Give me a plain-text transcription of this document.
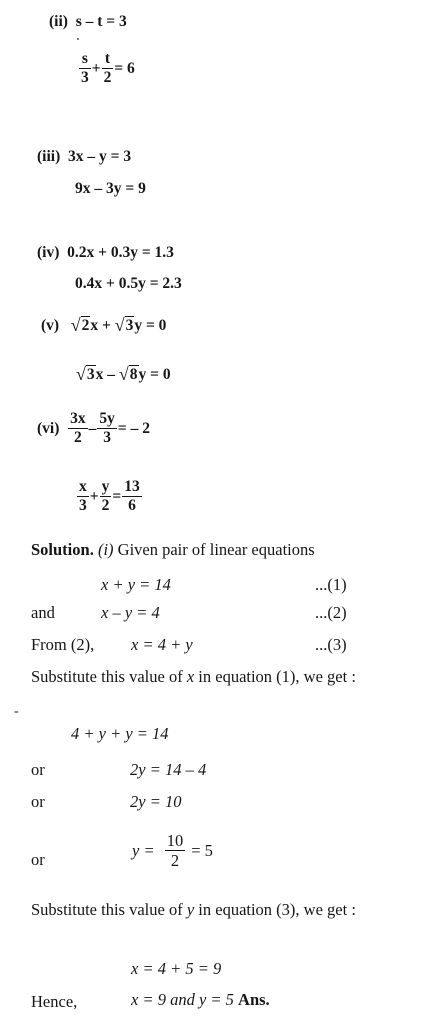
(ii) s – t = 3
$\frac{s}{3} + \frac{t}{2} = 6$
(iii) 3x – y = 3
9x – 3y = 9
(iv) 0.2x + 0.3y = 1.3
0.4x + 0.5y = 2.3
(v) √2x + √3y = 0
√3x – √8y = 0
$(vi) \frac{3x}{2} - \frac{5y}{3}$ = – 2
$\frac{x}{3} + \frac{y}{2} = \frac{13}{6}$
Solution. (i) Given pair of linear equations
x + y = 14	...(1)
and	x – y = 4	...(2)
From (2), x = 4 + y	...(3)
Substitute this value of x in equation (1), we get :
-
4 + y + y = 14
or	2y = 14 – 4
or	2y = 10
or	$y = \frac{10}{2} = 5$
Substitute this value of y in equation (3), we get :
x = 4 + 5 = 9
Hence,	x = 9 and y = 5 Ans.
